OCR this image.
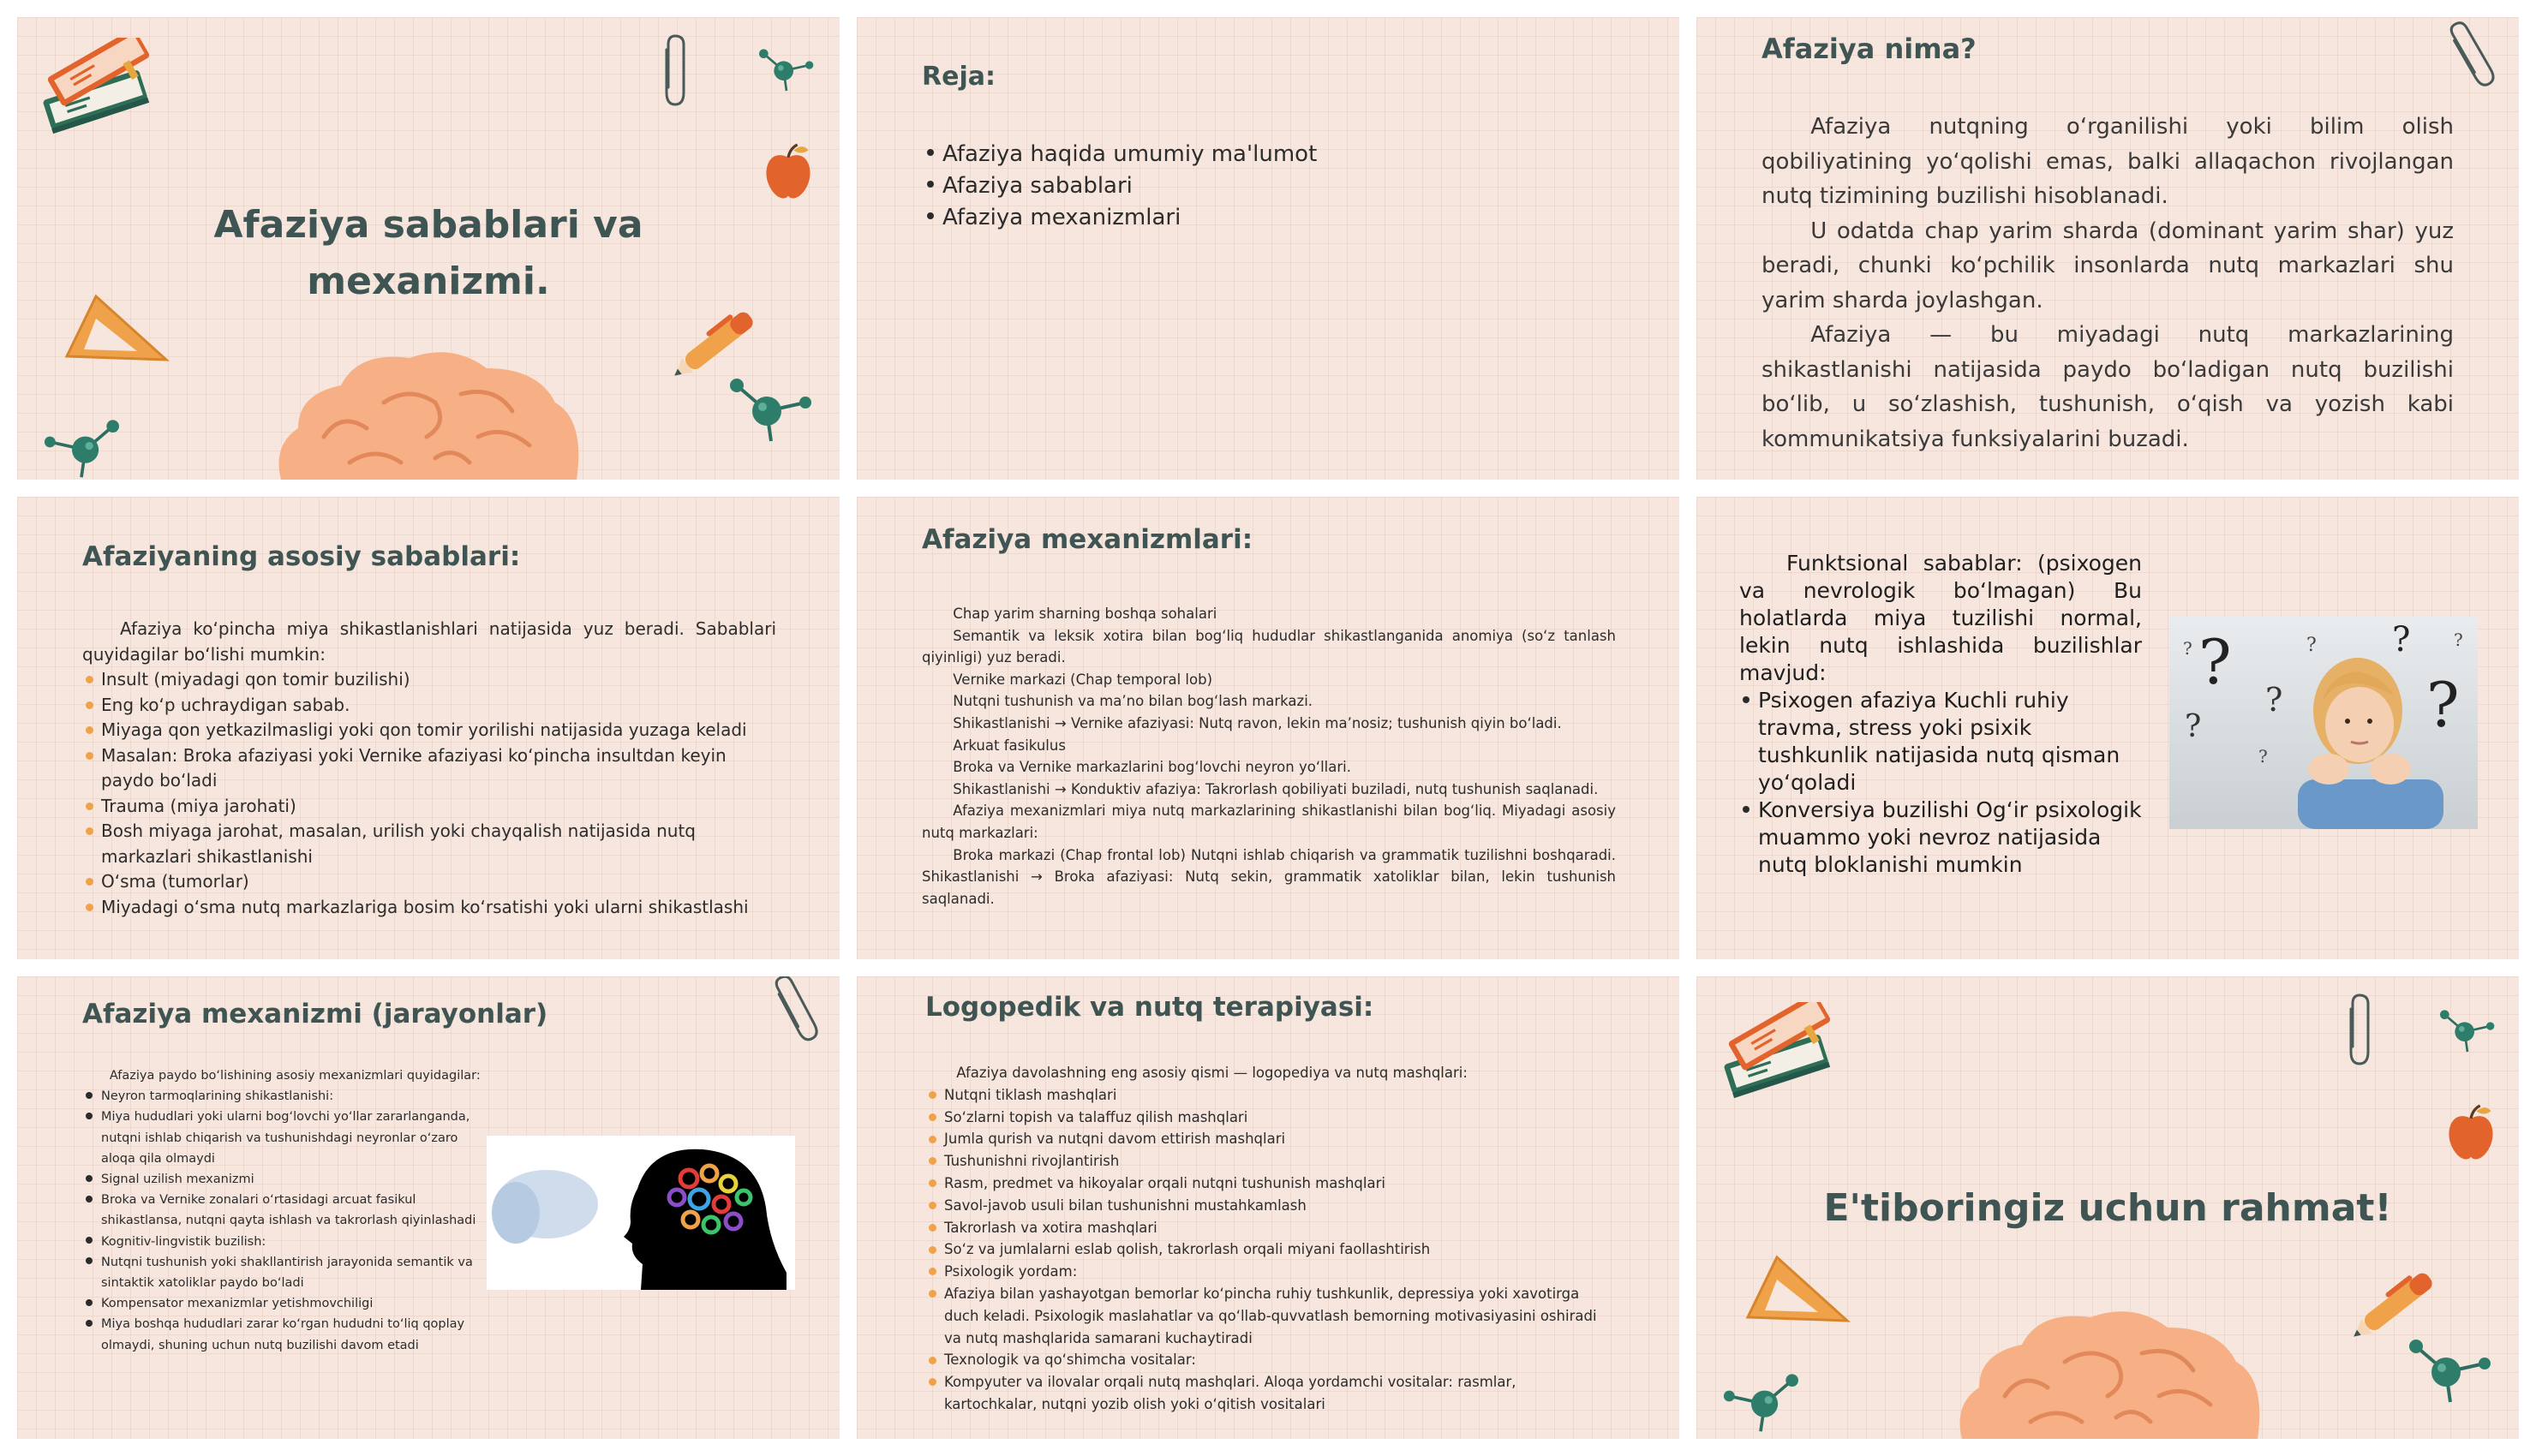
Afaziya sabablari va mexanizmi.
Reja:
Afaziya haqida umumiy ma'lumot
Afaziya sabablari
Afaziya mexanizmlari
Afaziya nima?

Afaziya nutqning o‘rganilishi yoki bilim olish qobiliyatining yo‘qolishi emas, balki allaqachon rivojlangan nutq tizimining buzilishi hisoblanadi.

U odatda chap yarim sharda (dominant yarim shar) yuz beradi, chunki ko‘pchilik insonlarda nutq markazlari shu yarim sharda joylashgan.

Afaziya — bu miyadagi nutq markazlarining shikastlanishi natijasida paydo bo‘ladigan nutq buzilishi bo‘lib, u so‘zlashish, tushunish, o‘qish va yozish kabi kommunikatsiya funksiyalarini buzadi.

Afaziyaning asosiy sabablari:

Afaziya ko‘pincha miya shikastlanishlari natijasida yuz beradi. Sabablari quyidagilar bo‘lishi mumkin:

Insult (miyadagi qon tomir buzilishi)
Eng ko‘p uchraydigan sabab.
Miyaga qon yetkazilmasligi yoki qon tomir yorilishi natijasida yuzaga keladi
Masalan: Broka afaziyasi yoki Vernike afaziyasi ko‘pincha insultdan keyin paydo bo‘ladi
Trauma (miya jarohati)
Bosh miyaga jarohat, masalan, urilish yoki chayqalish natijasida nutq markazlari shikastlanishi
O‘sma (tumorlar)
Miyadagi o‘sma nutq markazlariga bosim ko‘rsatishi yoki ularni shikastlashi
Afaziya mexanizmlari:

Chap yarim sharning boshqa sohalari

Semantik va leksik xotira bilan bog‘liq hududlar shikastlanganida anomiya (so‘z tanlash qiyinligi) yuz beradi.

Vernike markazi (Chap temporal lob)

Nutqni tushunish va ma’no bilan bog‘lash markazi.

Shikastlanishi → Vernike afaziyasi: Nutq ravon, lekin ma’nosiz; tushunish qiyin bo‘ladi.

Arkuat fasikulus

Broka va Vernike markazlarini bog‘lovchi neyron yo‘llari.

Shikastlanishi → Konduktiv afaziya: Takrorlash qobiliyati buziladi, nutq tushunish saqlanadi.

Afaziya mexanizmlari miya nutq markazlarining shikastlanishi bilan bog‘liq. Miyadagi asosiy nutq markazlari:

Broka markazi (Chap frontal lob) Nutqni ishlab chiqarish va grammatik tuzilishni boshqaradi. Shikastlanishi → Broka afaziyasi: Nutq sekin, grammatik xatoliklar bilan, lekin tushunish saqlanadi.

Funktsional sabablar: (psixogen va nevrologik bo‘lmagan) Bu holatlarda miya tuzilishi normal, lekin nutq ishlashida buzilishlar mavjud:

Psixogen afaziya Kuchli ruhiy travma, stress yoki psixik tushkunlik natijasida nutq qisman yo‘qoladi
Konversiya buzilishi Og‘ir psixologik muammo yoki nevroz natijasida nutq bloklanishi mumkin
?
?
?
?
?
?
?
?
?
Afaziya mexanizmi (jarayonlar)

Afaziya paydo bo‘lishining asosiy mexanizmlari quyidagilar:

Neyron tarmoqlarining shikastlanishi:
Miya hududlari yoki ularni bog‘lovchi yo‘llar zararlanganda, nutqni ishlab chiqarish va tushunishdagi neyronlar o‘zaro aloqa qila olmaydi
Signal uzilish mexanizmi
Broka va Vernike zonalari o‘rtasidagi arcuat fasikul shikastlansa, nutqni qayta ishlash va takrorlash qiyinlashadi
Kognitiv-lingvistik buzilish:
Nutqni tushunish yoki shakllantirish jarayonida semantik va sintaktik xatoliklar paydo bo‘ladi
Kompensator mexanizmlar yetishmovchiligi
Miya boshqa hududlari zarar ko‘rgan hududni to‘liq qoplay olmaydi, shuning uchun nutq buzilishi davom etadi
Logopedik va nutq terapiyasi:

Afaziya davolashning eng asosiy qismi — logopediya va nutq mashqlari:

Nutqni tiklash mashqlari
So‘zlarni topish va talaffuz qilish mashqlari
Jumla qurish va nutqni davom ettirish mashqlari
Tushunishni rivojlantirish
Rasm, predmet va hikoyalar orqali nutqni tushunish mashqlari
Savol-javob usuli bilan tushunishni mustahkamlash
Takrorlash va xotira mashqlari
So‘z va jumlalarni eslab qolish, takrorlash orqali miyani faollashtirish
Psixologik yordam:
Afaziya bilan yashayotgan bemorlar ko‘pincha ruhiy tushkunlik, depressiya yoki xavotirga duch keladi. Psixologik maslahatlar va qo‘llab-quvvatlash bemorning motivasiyasini oshiradi va nutq mashqlarida samarani kuchaytiradi
Texnologik va qo‘shimcha vositalar:
Kompyuter va ilovalar orqali nutq mashqlari. Aloqa yordamchi vositalar: rasmlar, kartochkalar, nutqni yozib olish yoki o‘qitish vositalari
E'tiboringiz uchun rahmat!
